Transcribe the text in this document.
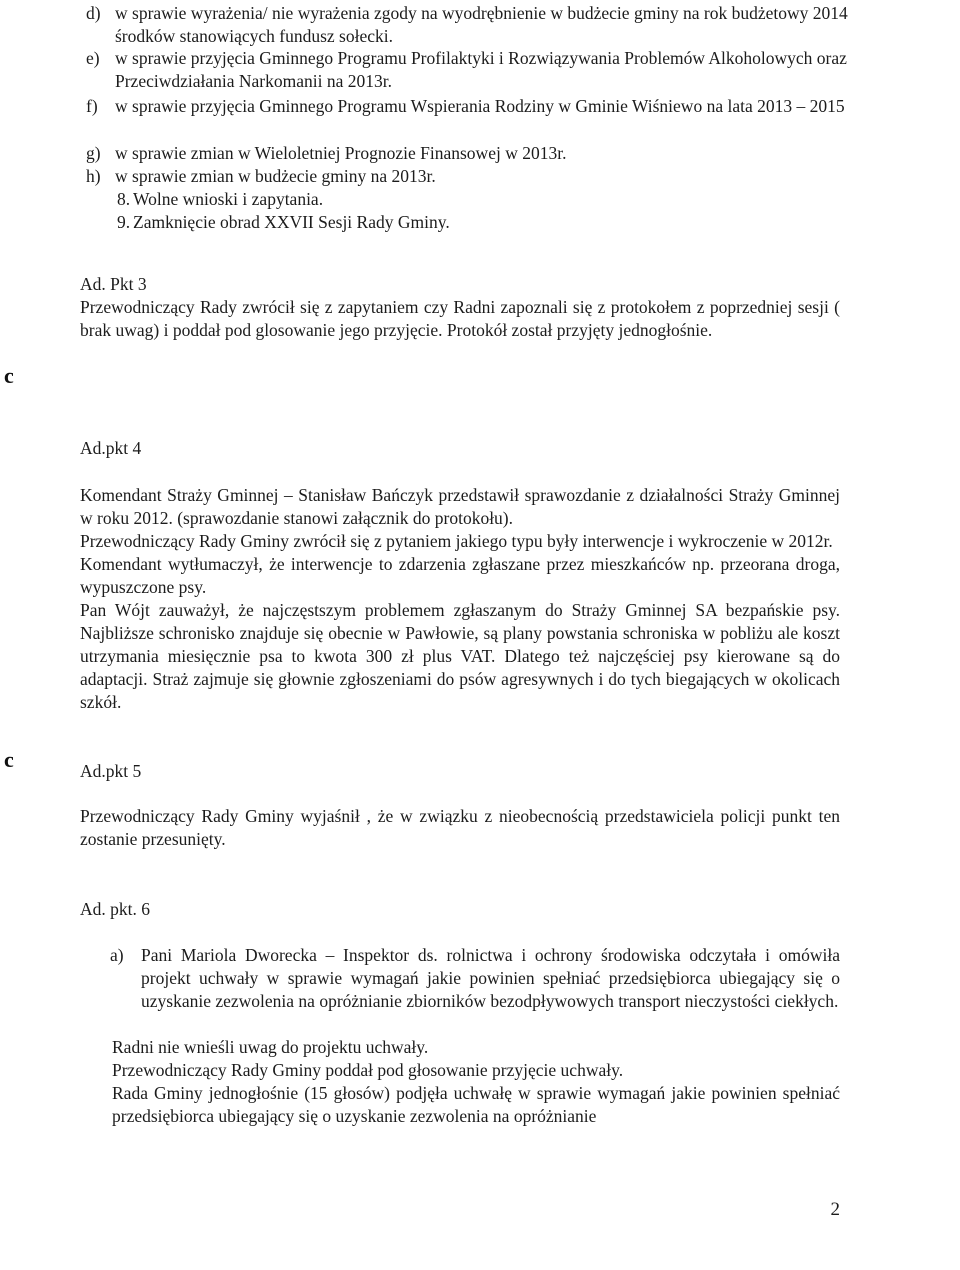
d) w sprawie wyrażenia/ nie wyrażenia zgody na wyodrębnienie w budżecie gminy na rok budżetowy 2014 środków stanowiących fundusz sołecki.
e) w sprawie przyjęcia Gminnego Programu Profilaktyki i Rozwiązywania Problemów Alkoholowych oraz Przeciwdziałania Narkomanii na 2013r.
f) w sprawie przyjęcia Gminnego Programu Wspierania Rodziny w Gminie Wiśniewo na lata 2013 – 2015
g) w sprawie zmian w Wieloletniej Prognozie Finansowej w 2013r.
h) w sprawie zmian w budżecie gminy na 2013r.
8. Wolne wnioski i zapytania.
9. Zamknięcie obrad XXVII Sesji Rady Gminy.

Ad. Pkt 3

Przewodniczący Rady zwrócił się z zapytaniem czy Radni zapoznali się z protokołem z poprzedniej sesji ( brak uwag) i poddał pod glosowanie jego przyjęcie. Protokół został przyjęty jednogłośnie.

c

Ad.pkt 4

Komendant Straży Gminnej – Stanisław Bańczyk przedstawił sprawozdanie z działalności Straży Gminnej w roku 2012. (sprawozdanie stanowi załącznik do protokołu).

Przewodniczący Rady Gminy zwrócił się z pytaniem jakiego typu były interwencje i wykroczenie w 2012r.

Komendant wytłumaczył, że interwencje to zdarzenia zgłaszane przez mieszkańców np. przeorana droga, wypuszczone psy.

Pan Wójt zauważył, że najczęstszym problemem zgłaszanym do Straży Gminnej SA bezpańskie psy. Najbliższe schronisko znajduje się obecnie w Pawłowie, są plany powstania schroniska w pobliżu ale koszt utrzymania miesięcznie psa to kwota 300 zł plus VAT. Dlatego też najczęściej psy kierowane są do adaptacji. Straż zajmuje się głownie zgłoszeniami do psów agresywnych i do tych biegających w okolicach szkół.

c	Ad.pkt 5

Przewodniczący Rady Gminy wyjaśnił , że w związku z nieobecnością przedstawiciela policji punkt ten zostanie przesunięty.

Ad. pkt. 6

a) Pani Mariola Dworecka – Inspektor ds. rolnictwa i ochrony środowiska odczytała i omówiła projekt uchwały w sprawie wymagań jakie powinien spełniać przedsiębiorca ubiegający się o uzyskanie zezwolenia na opróżnianie zbiorników bezodpływowych transport nieczystości ciekłych.

Radni nie wnieśli uwag do projektu uchwały.

Przewodniczący Rady Gminy poddał pod głosowanie przyjęcie uchwały.

Rada Gminy jednogłośnie (15 głosów) podjęła uchwałę w sprawie wymagań jakie powinien spełniać przedsiębiorca ubiegający się o uzyskanie zezwolenia na opróżnianie

2
